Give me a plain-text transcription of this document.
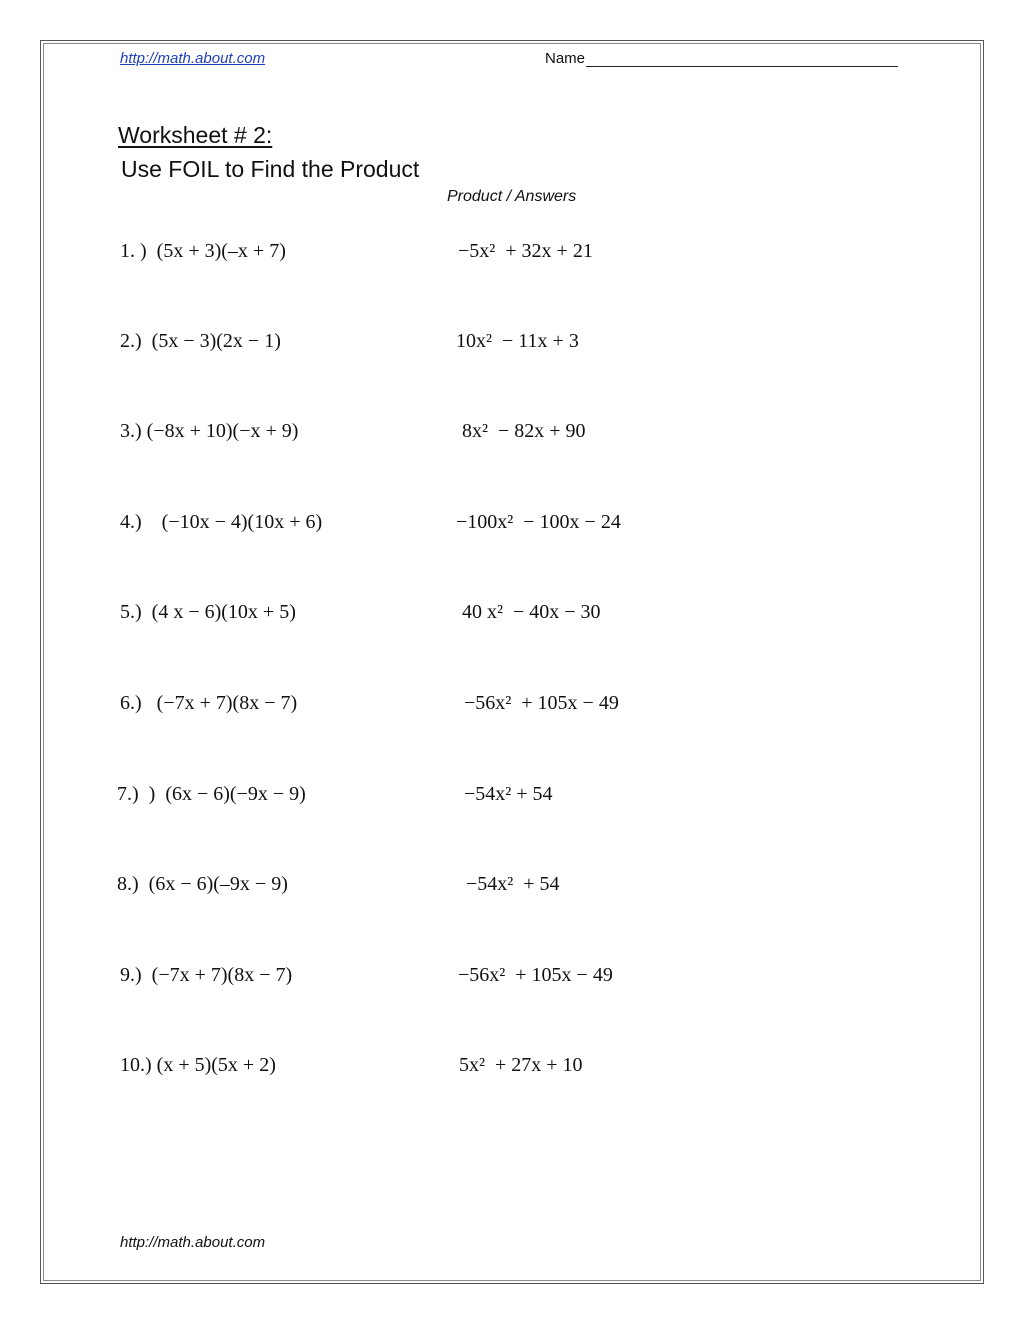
http://math.about.com	Name
Worksheet # 2:
Use FOIL to Find the Product
Product / Answers
1. )  (5x + 3)(–x + 7)	−5x²  + 32x + 21
2.)  (5x − 3)(2x − 1)	10x²  − 11x + 3
3.) (−8x + 10)(−x + 9)	8x²  − 82x + 90
4.)    (−10x − 4)(10x + 6)	−100x²  − 100x − 24
5.)  (4 x − 6)(10x + 5)	40 x²  − 40x − 30
6.)   (−7x + 7)(8x − 7)	−56x²  + 105x − 49
7.)  )  (6x − 6)(−9x − 9)	−54x² + 54
8.)  (6x − 6)(–9x − 9)	−54x²  + 54
9.)  (−7x + 7)(8x − 7)	−56x²  + 105x − 49
10.) (x + 5)(5x + 2)	5x²  + 27x + 10
http://math.about.com
